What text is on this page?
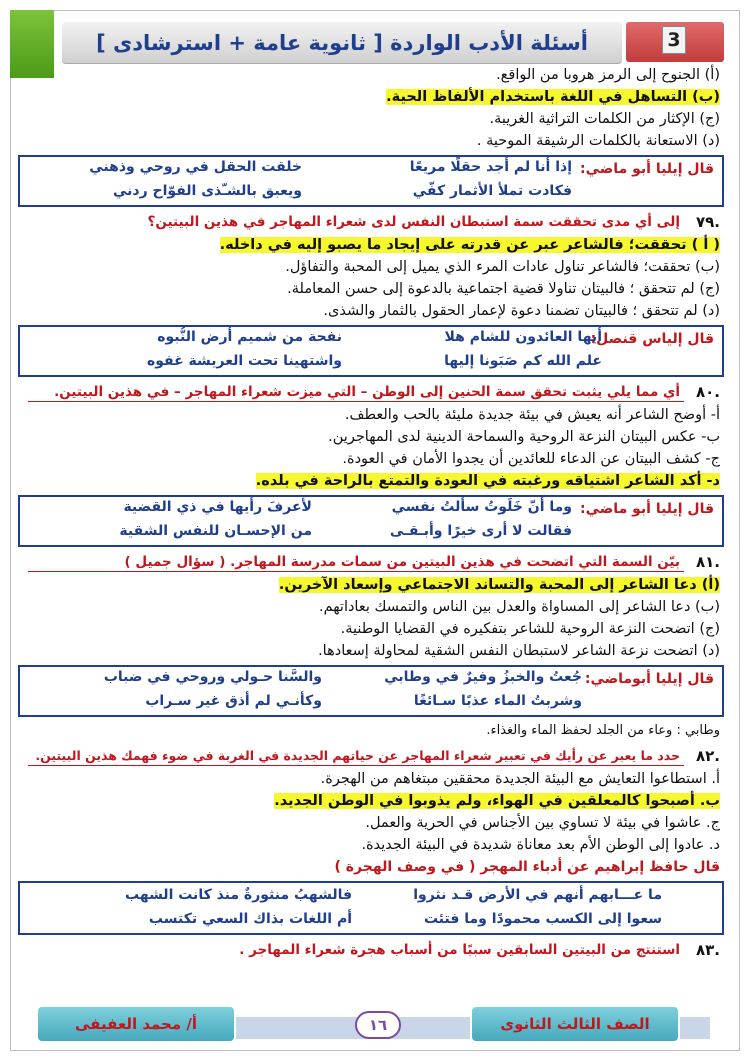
أسئلة الأدب الواردة [ ثانوية عامة + استرشادى ]	3
(أ) الجنوح إلى الرمز هروبا من الواقع.
(ب) التساهل في اللغة باستخدام الألفاظ الحية.
(ج) الإكثار من الكلمات التراثية الغريبة.
(د) الاستعانة بالكلمات الرشيقة الموحية .
قال إيليا أبو ماضي:
إذا أنا لم أجد حقلًا مريعًا
خلقت الحقل في روحي وذهني
فكادت تملأ الأثمار كفّي
ويعبق بالشـّذى الفوّاح ردني
.٧٩
إلى أي مدى تحققت سمة استبطان النفس لدى شعراء المهاجر في هذين البيتين؟
( أ ) تحققت؛ فالشاعر عبر عن قدرته على إيجاد ما يصبو إليه في داخله.
(ب) تحققت؛ فالشاعر تناول عادات المرء الذي يميل إلى المحبة والتفاؤل.
(ج) لم تتحقق ؛ فالبيتان تناولا قضية اجتماعية بالدعوة إلى حسن المعاملة.
(د) لم تتحقق ؛ فالبيتان تضمنا دعوة لإعمار الحقول بالثمار والشذى.
قال إلياس قنصل:
أيها العائدون للشام هلا
نفحة من شميم أرض النُّبوه
علم الله كم صَبَونا إليها
واشتهينا تحت العريشة غفوه
.٨٠
أي مما يلي يثبت تحقق سمة الحنين إلى الوطن – التي ميزت شعراء المهاجر – في هذين البيتين.
أ- أوضح الشاعر أنه يعيش في بيئة جديدة مليئة بالحب والعطف.
ب- عكس البيتان النزعة الروحية والسماحة الدينية لدى المهاجرين.
ج- كشف البيتان عن الدعاء للعائدين أن يجدوا الأمان في العودة.
د- أكد الشاعر اشتياقه ورغبته في العودة والتمتع بالراحة في بلده.
قال إيليا أبو ماضي:
وما أنّ خَلَوتُ سألتُ نفسي
لأعرفَ رأيها في ذي القضية
فقالت لا أرى خيرًا وأبـقـى
من الإحسـان للنفس الشقية
.٨١
بيّن السمة التي اتضحت في هذين البيتين من سمات مدرسة المهاجر. ( سؤال جميل )
(أ) دعا الشاعر إلى المحبة والتساند الاجتماعي وإسعاد الآخرين.
(ب) دعا الشاعر إلى المساواة والعدل بين الناس والتمسك بعاداتهم.
(ج) اتضحت النزعة الروحية للشاعر بتفكيره في القضايا الوطنية.
(د) اتضحت نزعة الشاعر لاستبطان النفس الشقية لمحاولة إسعادها.
قال إيليا أبوماضي:
جُعتُ والخبزُ وفيرٌ في وطابي
والسَّنا حـولي وروحي في ضباب
وشربتُ الماء عذبًا سـائغًا
وكأنـي لم أذق غير سـراب
وطابي : وعاء من الجلد لحفظ الماء والغذاء.
.٨٢
حدد ما يعبر عن رأيك في تعبير شعراء المهاجر عن حياتهم الجديدة في الغربة في ضوء فهمك هذين البيتين.
أ. استطاعوا التعايش مع البيئة الجديدة محققين مبتغاهم من الهجرة.
ب. أصبحوا كالمعلقين في الهواء، ولم يذوبوا في الوطن الجديد.
ج. عاشوا في بيئة لا تساوي بين الأجناس في الحرية والعمل.
د. عادوا إلى الوطن الأم بعد معاناة شديدة في البيئة الجديدة.
قال حافظ إبراهيم عن أدباء المهجر ( في وصف الهجرة )
ما عـــابهم أنهم في الأرض قـد نثروا
فالشهبُ منثورةٌ منذ كانت الشهب
سعوا إلى الكسب محمودًا وما فتئت
أم اللغات بذاك السعي تكتسب
.٨٣
استنتج من البيتين السابقين سببًا من أسباب هجرة شعراء المهاجر .
أ/ محمد العفيفى	١٦	الصف الثالث الثانوى
